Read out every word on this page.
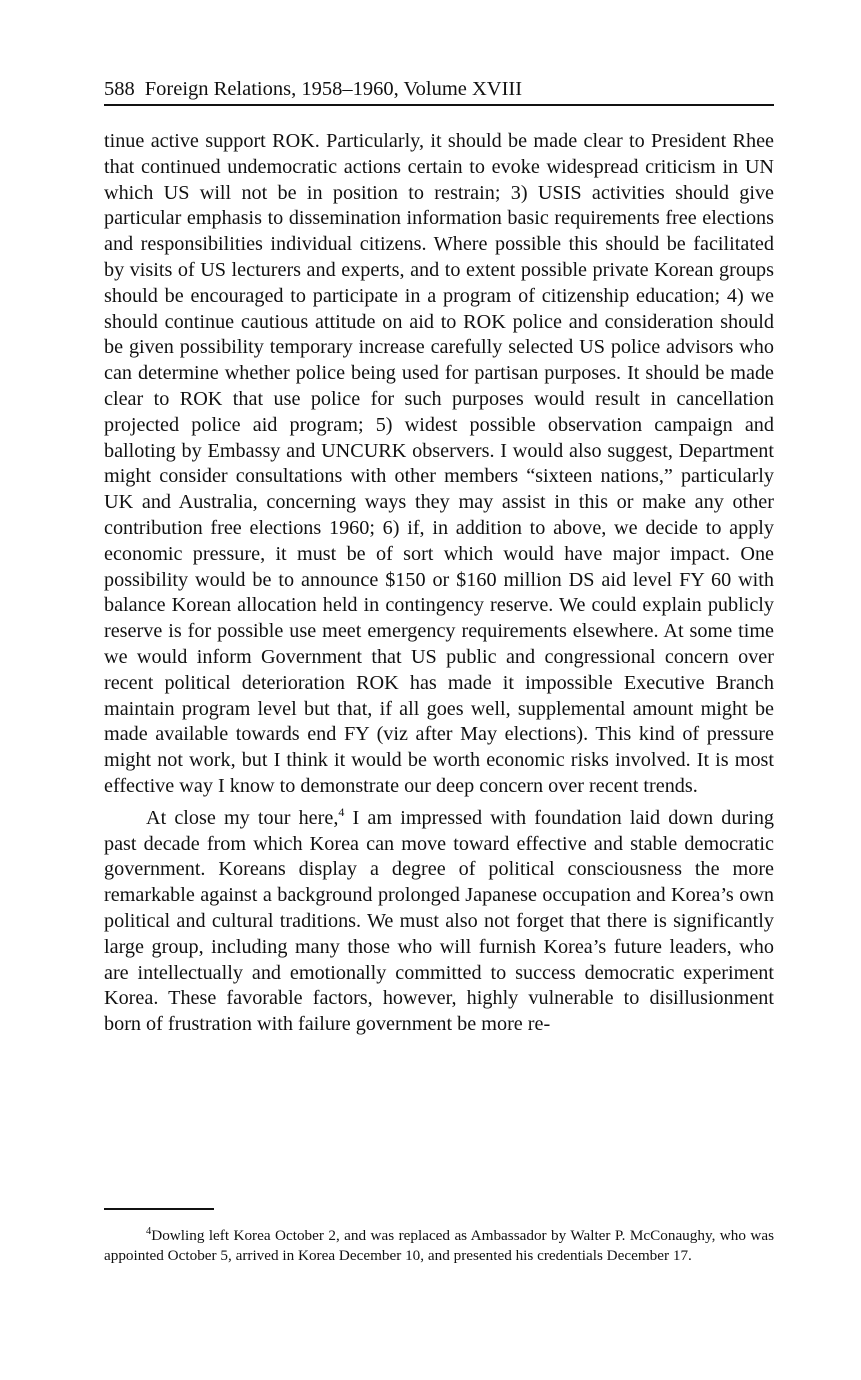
588 Foreign Relations, 1958–1960, Volume XVIII

tinue active support ROK. Particularly, it should be made clear to President Rhee that continued undemocratic actions certain to evoke widespread criticism in UN which US will not be in position to restrain; 3) USIS activities should give particular emphasis to dissemination information basic requirements free elections and responsibilities individual citizens. Where possible this should be facilitated by visits of US lecturers and experts, and to extent possible private Korean groups should be encouraged to participate in a program of citizenship education; 4) we should continue cautious attitude on aid to ROK police and consideration should be given possibility temporary increase carefully selected US police advisors who can determine whether police being used for partisan purposes. It should be made clear to ROK that use police for such purposes would result in cancellation projected police aid program; 5) widest possible observation campaign and balloting by Embassy and UNCURK observers. I would also suggest, Department might consider consultations with other members “sixteen nations,” particularly UK and Australia, concerning ways they may assist in this or make any other contribution free elections 1960; 6) if, in addition to above, we decide to apply economic pressure, it must be of sort which would have major impact. One possibility would be to announce $150 or $160 million DS aid level FY 60 with balance Korean allocation held in contingency reserve. We could explain publicly reserve is for possible use meet emergency requirements elsewhere. At some time we would inform Government that US public and congressional concern over recent political deterioration ROK has made it impossible Executive Branch maintain program level but that, if all goes well, supplemental amount might be made available towards end FY (viz after May elections). This kind of pressure might not work, but I think it would be worth economic risks involved. It is most effective way I know to demonstrate our deep concern over recent trends.

At close my tour here,$^4$ I am impressed with foundation laid down during past decade from which Korea can move toward effective and stable democratic government. Koreans display a degree of political consciousness the more remarkable against a background prolonged Japanese occupation and Korea’s own political and cultural traditions. We must also not forget that there is significantly large group, including many those who will furnish Korea’s future leaders, who are intellectually and emotionally committed to success democratic experiment Korea. These favorable factors, however, highly vulnerable to disillusionment born of frustration with failure government be more re-

$^4$Dowling left Korea October 2, and was replaced as Ambassador by Walter P. McConaughy, who was appointed October 5, arrived in Korea December 10, and presented his credentials December 17.
